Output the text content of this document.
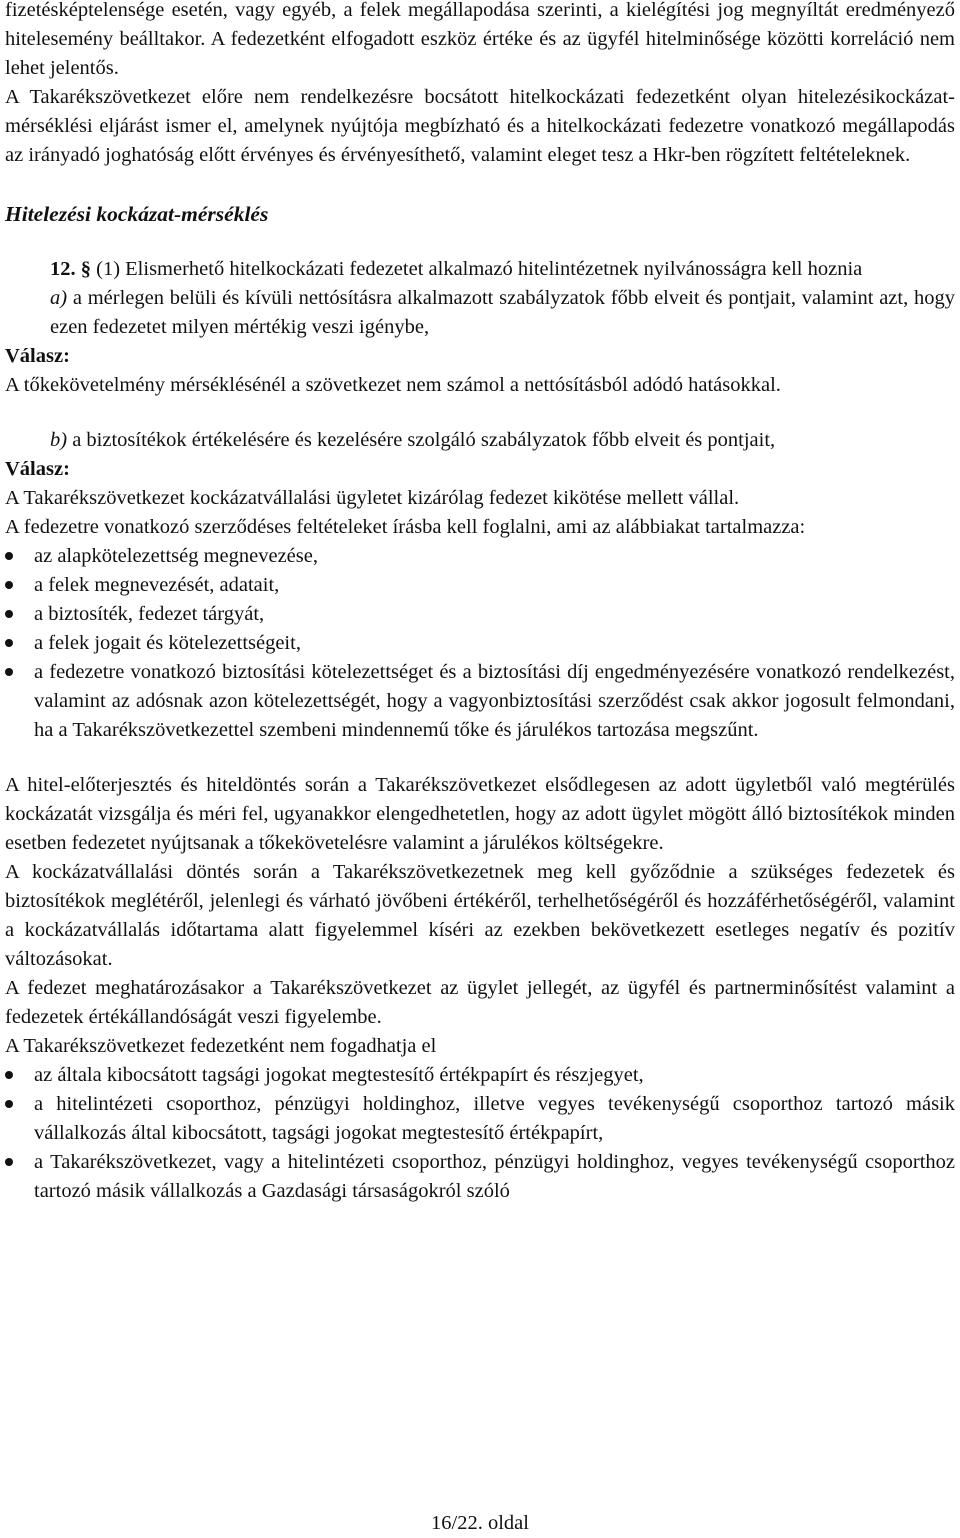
fizetésképtelensége esetén, vagy egyéb, a felek megállapodása szerinti, a kielégítési jog megnyíltát eredményező hitelesemény beálltakor. A fedezetként elfogadott eszköz értéke és az ügyfél hitelminősége közötti korreláció nem lehet jelentős.

A Takarékszövetkezet előre nem rendelkezésre bocsátott hitelkockázati fedezetként olyan hitelezésikockázat-mérséklési eljárást ismer el, amelynek nyújtója megbízható és a hitelkockázati fedezetre vonatkozó megállapodás az irányadó joghatóság előtt érvényes és érvényesíthető, valamint eleget tesz a Hkr-ben rögzített feltételeknek.

Hitelezési kockázat-mérséklés

12. § (1) Elismerhető hitelkockázati fedezetet alkalmazó hitelintézetnek nyilvánosságra kell hoznia

a) a mérlegen belüli és kívüli nettósításra alkalmazott szabályzatok főbb elveit és pontjait, valamint azt, hogy ezen fedezetet milyen mértékig veszi igénybe,

Válasz:

A tőkekövetelmény mérséklésénél a szövetkezet nem számol a nettósításból adódó hatásokkal.

b) a biztosítékok értékelésére és kezelésére szolgáló szabályzatok főbb elveit és pontjait,

Válasz:

A Takarékszövetkezet kockázatvállalási ügyletet kizárólag fedezet kikötése mellett vállal.

A fedezetre vonatkozó szerződéses feltételeket írásba kell foglalni, ami az alábbiakat tartalmazza:

az alapkötelezettség megnevezése,
a felek megnevezését, adatait,
a biztosíték, fedezet tárgyát,
a felek jogait és kötelezettségeit,
a fedezetre vonatkozó biztosítási kötelezettséget és a biztosítási díj engedményezésére vonatkozó rendelkezést, valamint az adósnak azon kötelezettségét, hogy a vagyonbiztosítási szerződést csak akkor jogosult felmondani, ha a Takarékszövetkezettel szembeni mindennemű tőke és járulékos tartozása megszűnt.

A hitel-előterjesztés és hiteldöntés során a Takarékszövetkezet elsődlegesen az adott ügyletből való megtérülés kockázatát vizsgálja és méri fel, ugyanakkor elengedhetetlen, hogy az adott ügylet mögött álló biztosítékok minden esetben fedezetet nyújtsanak a tőkekövetelésre valamint a járulékos költségekre.

A kockázatvállalási döntés során a Takarékszövetkezetnek meg kell győződnie a szükséges fedezetek és biztosítékok meglétéről, jelenlegi és várható jövőbeni értékéről, terhelhetőségéről és hozzáférhetőségéről, valamint a kockázatvállalás időtartama alatt figyelemmel kíséri az ezekben bekövetkezett esetleges negatív és pozitív változásokat.

A fedezet meghatározásakor a Takarékszövetkezet az ügylet jellegét, az ügyfél és partnerminősítést valamint a fedezetek értékállandóságát veszi figyelembe.

A Takarékszövetkezet fedezetként nem fogadhatja el

az általa kibocsátott tagsági jogokat megtestesítő értékpapírt és részjegyet,
a hitelintézeti csoporthoz, pénzügyi holdinghoz, illetve vegyes tevékenységű csoporthoz tartozó másik vállalkozás által kibocsátott, tagsági jogokat megtestesítő értékpapírt,
a Takarékszövetkezet, vagy a hitelintézeti csoporthoz, pénzügyi holdinghoz, vegyes tevékenységű csoporthoz tartozó másik vállalkozás a Gazdasági társaságokról szóló
16/22. oldal
